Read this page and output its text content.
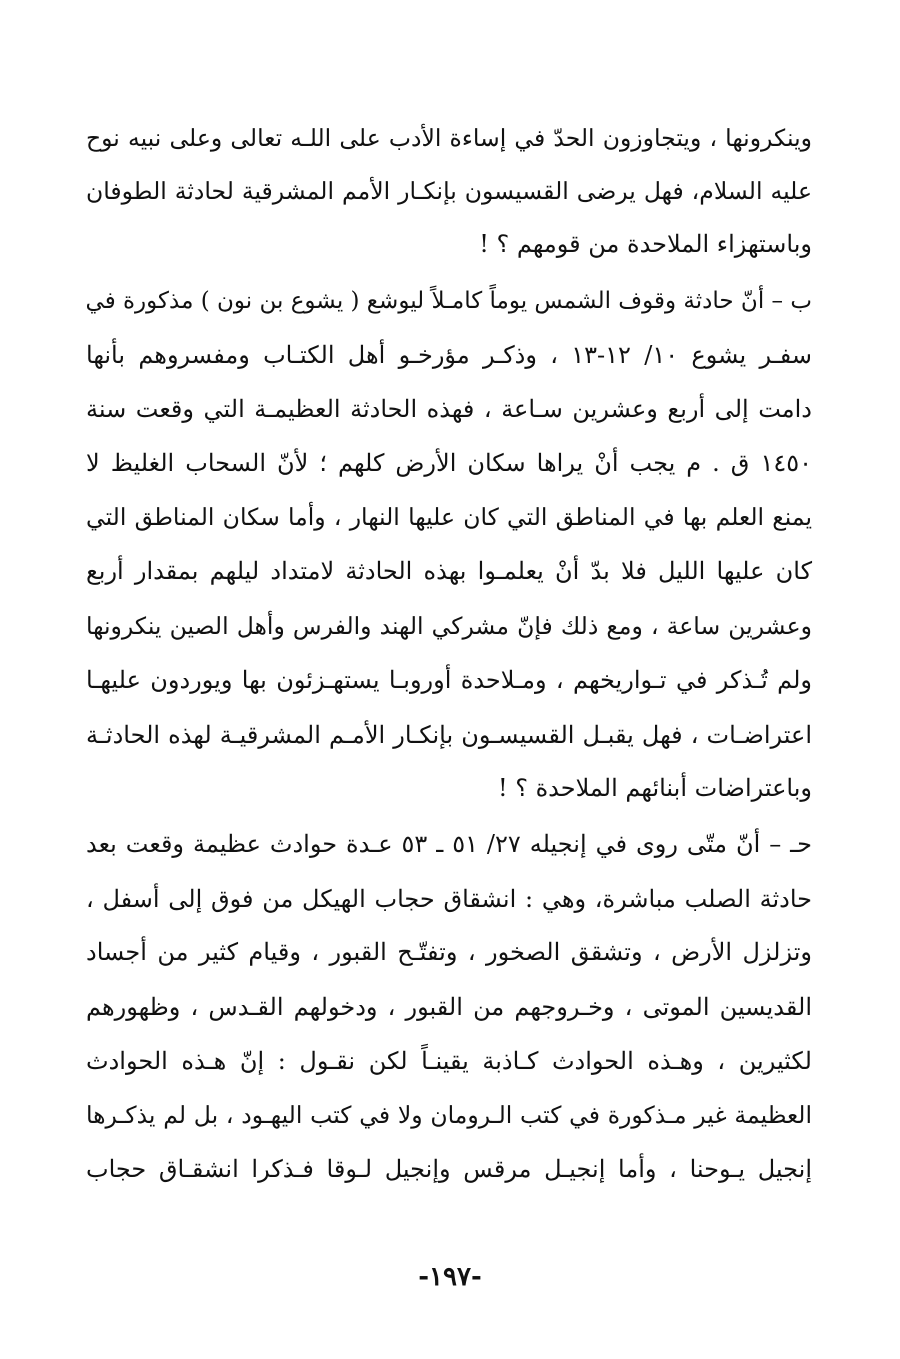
وينكرونها ، ويتجاوزون الحدّ في إساءة الأدب على اللـه تعالى وعلى نبيه نوح
عليه السلام، فهل يرضى القسيسون بإنكـار الأمم المشرقية لحادثة الطوفان
وباستهزاء الملاحدة من قومهم ؟ !
ب – أنّ حادثة وقوف الشمس يوماً كامـلاً ليوشع ( يشوع بن نون ) مذكورة في
سفـر يشوع ١٠/ ١٢-١٣ ، وذكـر مؤرخـو أهل الكتـاب ومفسروهم بأنها
دامت إلى أربع وعشرين سـاعة ، فهذه الحادثة العظيمـة التي وقعت سنة
١٤٥٠ ق . م يجب أنْ يراها سكان الأرض كلهم ؛ لأنّ السحاب الغليظ لا
يمنع العلم بها في المناطق التي كان عليها النهار ، وأما سكان المناطق التي
كان عليها الليل فلا بدّ أنْ يعلمـوا بهذه الحادثة لامتداد ليلهم بمقدار أربع
وعشرين ساعة ، ومع ذلك فإنّ مشركي الهند والفرس وأهل الصين ينكرونها
ولم تُـذكر في تـواريخهم ، ومـلاحدة أوروبـا يستهـزئون بها ويوردون عليهـا
اعتراضـات ، فهل يقبـل القسيسـون بإنكـار الأمـم المشرقيـة لهذه الحادثـة
وباعتراضات أبنائهم الملاحدة ؟ !
حـ – أنّ متّى روى في إنجيله ٢٧/ ٥١ ـ ٥٣ عـدة حوادث عظيمة وقعت بعد
حادثة الصلب مباشرة، وهي : انشقاق حجاب الهيكل من فوق إلى أسفل ،
وتزلزل الأرض ، وتشقق الصخور ، وتفتّـح القبور ، وقيام كثير من أجساد
القديسين الموتى ، وخـروجهم من القبور ، ودخولهم القـدس ، وظهورهم
لكثيرين ، وهـذه الحوادث كـاذبة يقينـاً لكن نقـول : إنّ هـذه الحوادث
العظيمة غير مـذكورة في كتب الـرومان ولا في كتب اليهـود ، بل لم يذكـرها
إنجيل يـوحنا ، وأما إنجيـل مرقس وإنجيل لـوقا فـذكرا انشقـاق حجاب
-١٩٧-
